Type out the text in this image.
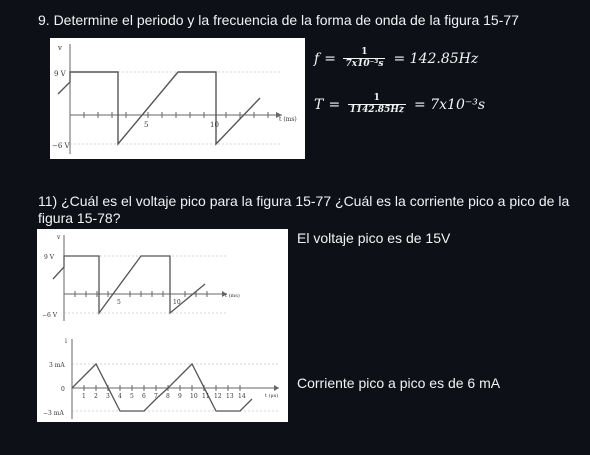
9. Determine el periodo y la frecuencia de la forma de onda de la figura 15-77
v
9 V
−6 V
5	10
t (ms)
$f = \frac{1}{\text{7x10⁻³s}} = 142.85Hz$
$T = \frac{1}{1142.85Hz} = 7x10^{-3}s$
11) ¿Cuál es el voltaje pico para la figura 15-77 ¿Cuál es la corriente pico a pico de la figura 15-78?
v
9 V
−6 V
5	10
t (ms)
i
3 mA
0
−3 mA
1 2 3 4 5 6 7 8 9 10 11 12 13 14	t (μs)
El voltaje pico es de 15V
Corriente pico a pico es de 6 mA
